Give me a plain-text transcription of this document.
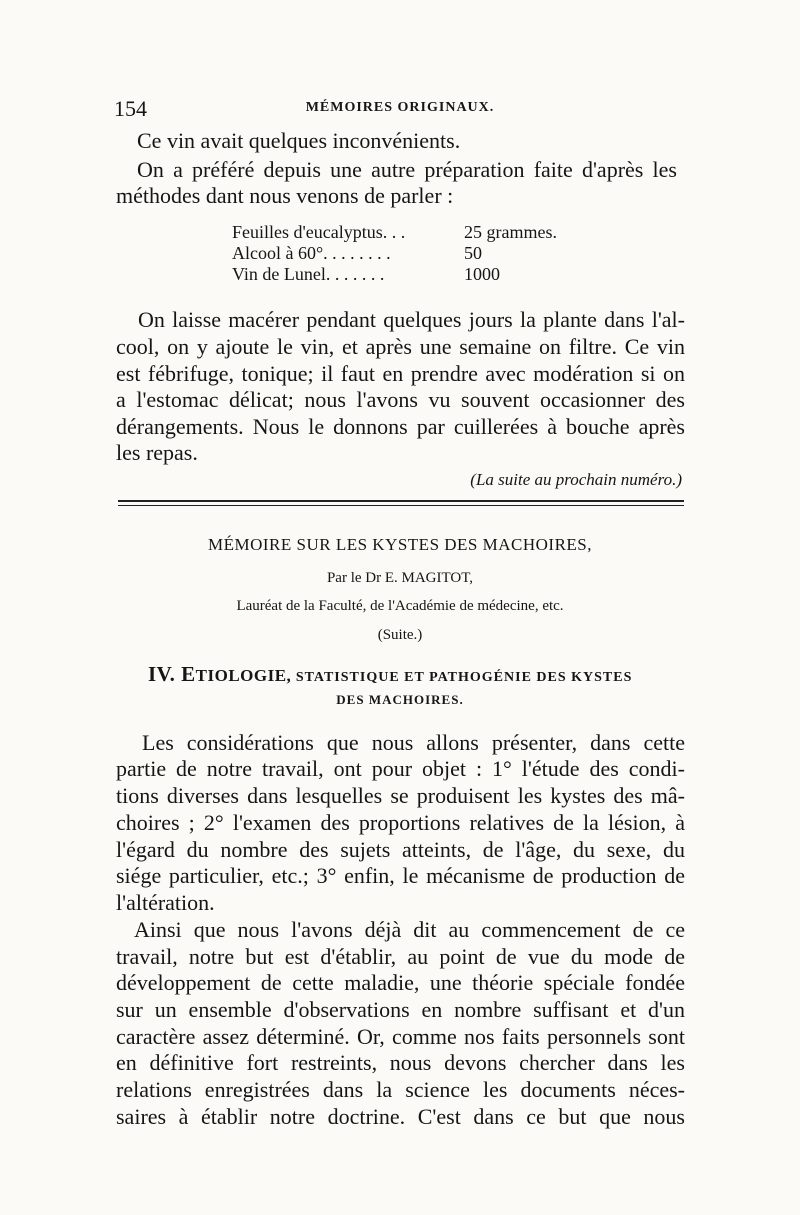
154	MÉMOIRES ORIGINAUX.
Ce vin avait quelques inconvénients.
On a préféré depuis une autre préparation faite d'après les
méthodes dant nous venons de parler :
Feuilles d'eucalyptus. . .	25 grammes.
Alcool à 60°. . . . . . . .	50
Vin de Lunel. . . . . . .	1000
On laisse macérer pendant quelques jours la plante dans l'al-
cool, on y ajoute le vin, et après une semaine on filtre. Ce vin
est fébrifuge, tonique; il faut en prendre avec modération si on
a l'estomac délicat; nous l'avons vu souvent occasionner des
dérangements. Nous le donnons par cuillerées à bouche après
les repas.
(La suite au prochain numéro.)
MÉMOIRE SUR LES KYSTES DES MACHOIRES,
Par le Dr E. MAGITOT,
Lauréat de la Faculté, de l'Académie de médecine, etc.
(Suite.)
IV. ETIOLOGIE, STATISTIQUE ET PATHOGÉNIE DES KYSTES
DES MACHOIRES.
Les considérations que nous allons présenter, dans cette
partie de notre travail, ont pour objet : 1° l'étude des condi-
tions diverses dans lesquelles se produisent les kystes des mâ-
choires ; 2° l'examen des proportions relatives de la lésion, à
l'égard du nombre des sujets atteints, de l'âge, du sexe, du
siége particulier, etc.; 3° enfin, le mécanisme de production de
l'altération.
Ainsi que nous l'avons déjà dit au commencement de ce
travail, notre but est d'établir, au point de vue du mode de
développement de cette maladie, une théorie spéciale fondée
sur un ensemble d'observations en nombre suffisant et d'un
caractère assez déterminé. Or, comme nos faits personnels sont
en définitive fort restreints, nous devons chercher dans les
relations enregistrées dans la science les documents néces-
saires à établir notre doctrine. C'est dans ce but que nous
